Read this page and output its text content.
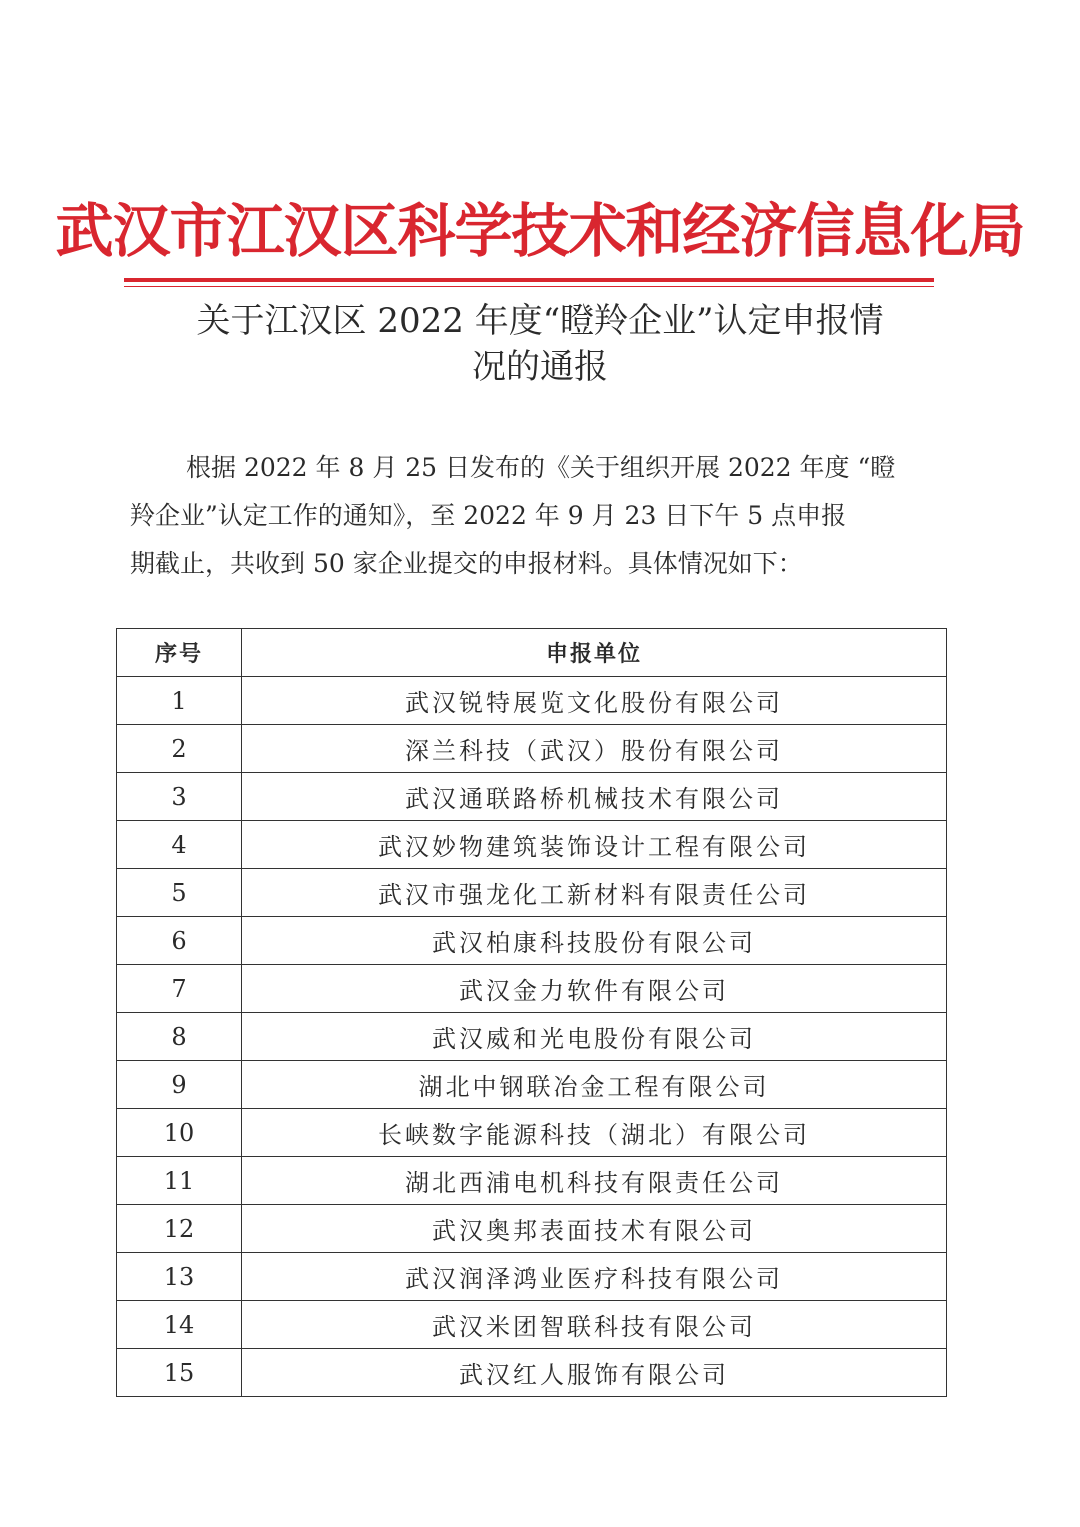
武汉市江汉区科学技术和经济信息化局
关于江汉区 2022 年度“瞪羚企业”认定申报情
况的通报
根据 2022 年 8 月 25 日发布的《关于组织开展 2022 年度 “瞪
羚企业”认定工作的通知》，至 2022 年 9 月 23 日下午 5 点申报
期截止，共收到 50 家企业提交的申报材料。具体情况如下：
序号	申报单位
1	武汉锐特展览文化股份有限公司
2	深兰科技（武汉）股份有限公司
3	武汉通联路桥机械技术有限公司
4	武汉妙物建筑装饰设计工程有限公司
5	武汉市强龙化工新材料有限责任公司
6	武汉柏康科技股份有限公司
7	武汉金力软件有限公司
8	武汉威和光电股份有限公司
9	湖北中钢联冶金工程有限公司
10	长峡数字能源科技（湖北）有限公司
11	湖北西浦电机科技有限责任公司
12	武汉奥邦表面技术有限公司
13	武汉润泽鸿业医疗科技有限公司
14	武汉米团智联科技有限公司
15	武汉红人服饰有限公司
